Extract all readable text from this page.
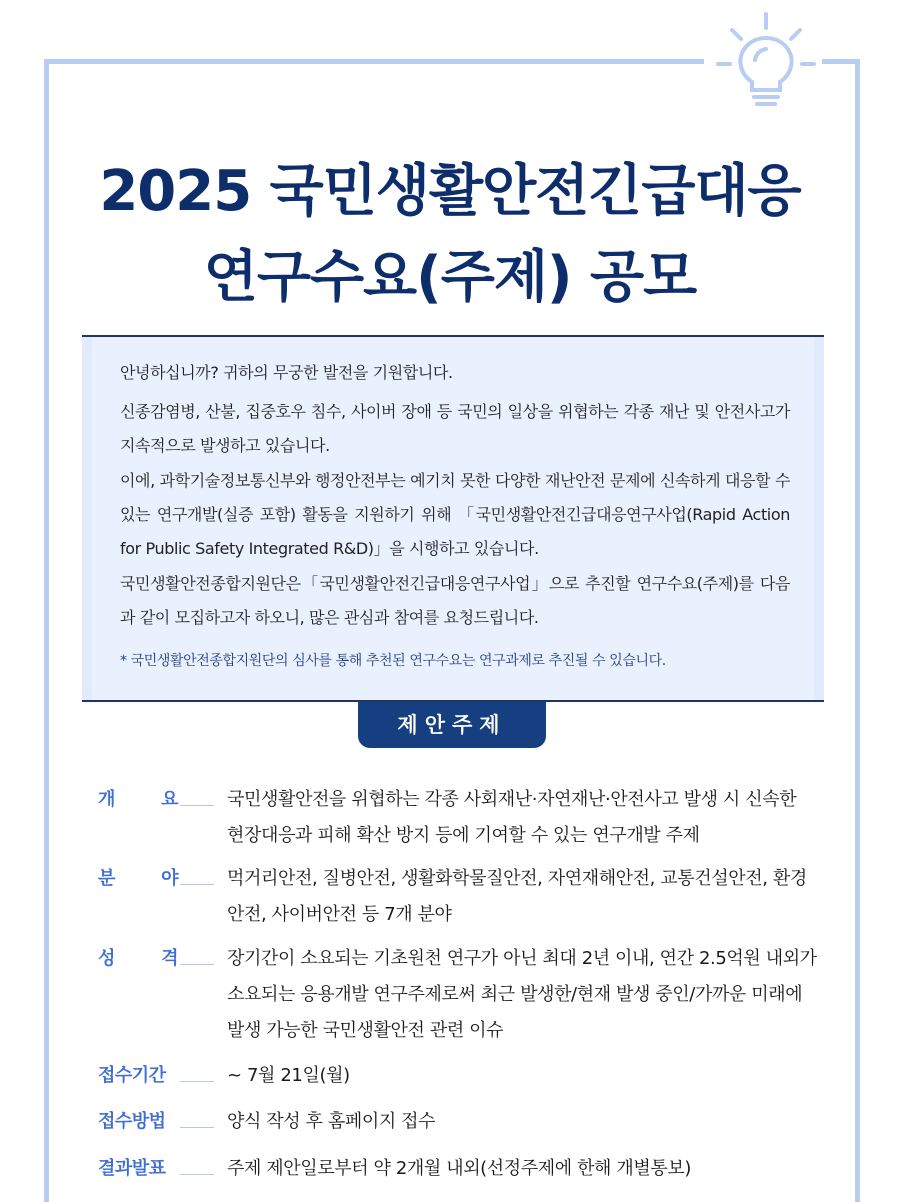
2025 국민생활안전긴급대응
연구수요(주제) 공모

안녕하십니까? 귀하의 무궁한 발전을 기원합니다.

신종감염병, 산불, 집중호우 침수, 사이버 장애 등 국민의 일상을 위협하는 각종 재난 및 안전사고가 지속적으로 발생하고 있습니다.

이에, 과학기술정보통신부와 행정안전부는 예기치 못한 다양한 재난안전 문제에 신속하게 대응할 수 있는 연구개발(실증 포함) 활동을 지원하기 위해 「국민생활안전긴급대응연구사업(Rapid Action for Public Safety Integrated R&D)」을 시행하고 있습니다.

국민생활안전종합지원단은「국민생활안전긴급대응연구사업」으로 추진할 연구수요(주제)를 다음과 같이 모집하고자 하오니, 많은 관심과 참여를 요청드립니다.

* 국민생활안전종합지원단의 심사를 통해 추천된 연구수요는 연구과제로 추진될 수 있습니다.

제안주제
개	요	국민생활안전을 위협하는 각종 사회재난·자연재난·안전사고 발생 시 신속한 현장대응과 피해 확산 방지 등에 기여할 수 있는 연구개발 주제
분	야	먹거리안전, 질병안전, 생활화학물질안전, 자연재해안전, 교통건설안전, 환경안전, 사이버안전 등 7개 분야
성	격	장기간이 소요되는 기초원천 연구가 아닌 최대 2년 이내, 연간 2.5억원 내외가 소요되는 응용개발 연구주제로써 최근 발생한/현재 발생 중인/가까운 미래에 발생 가능한 국민생활안전 관련 이슈
접수기간	~ 7월 21일(월)
접수방법	양식 작성 후 홈페이지 접수
결과발표	주제 제안일로부터 약 2개월 내외(선정주제에 한해 개별통보)
